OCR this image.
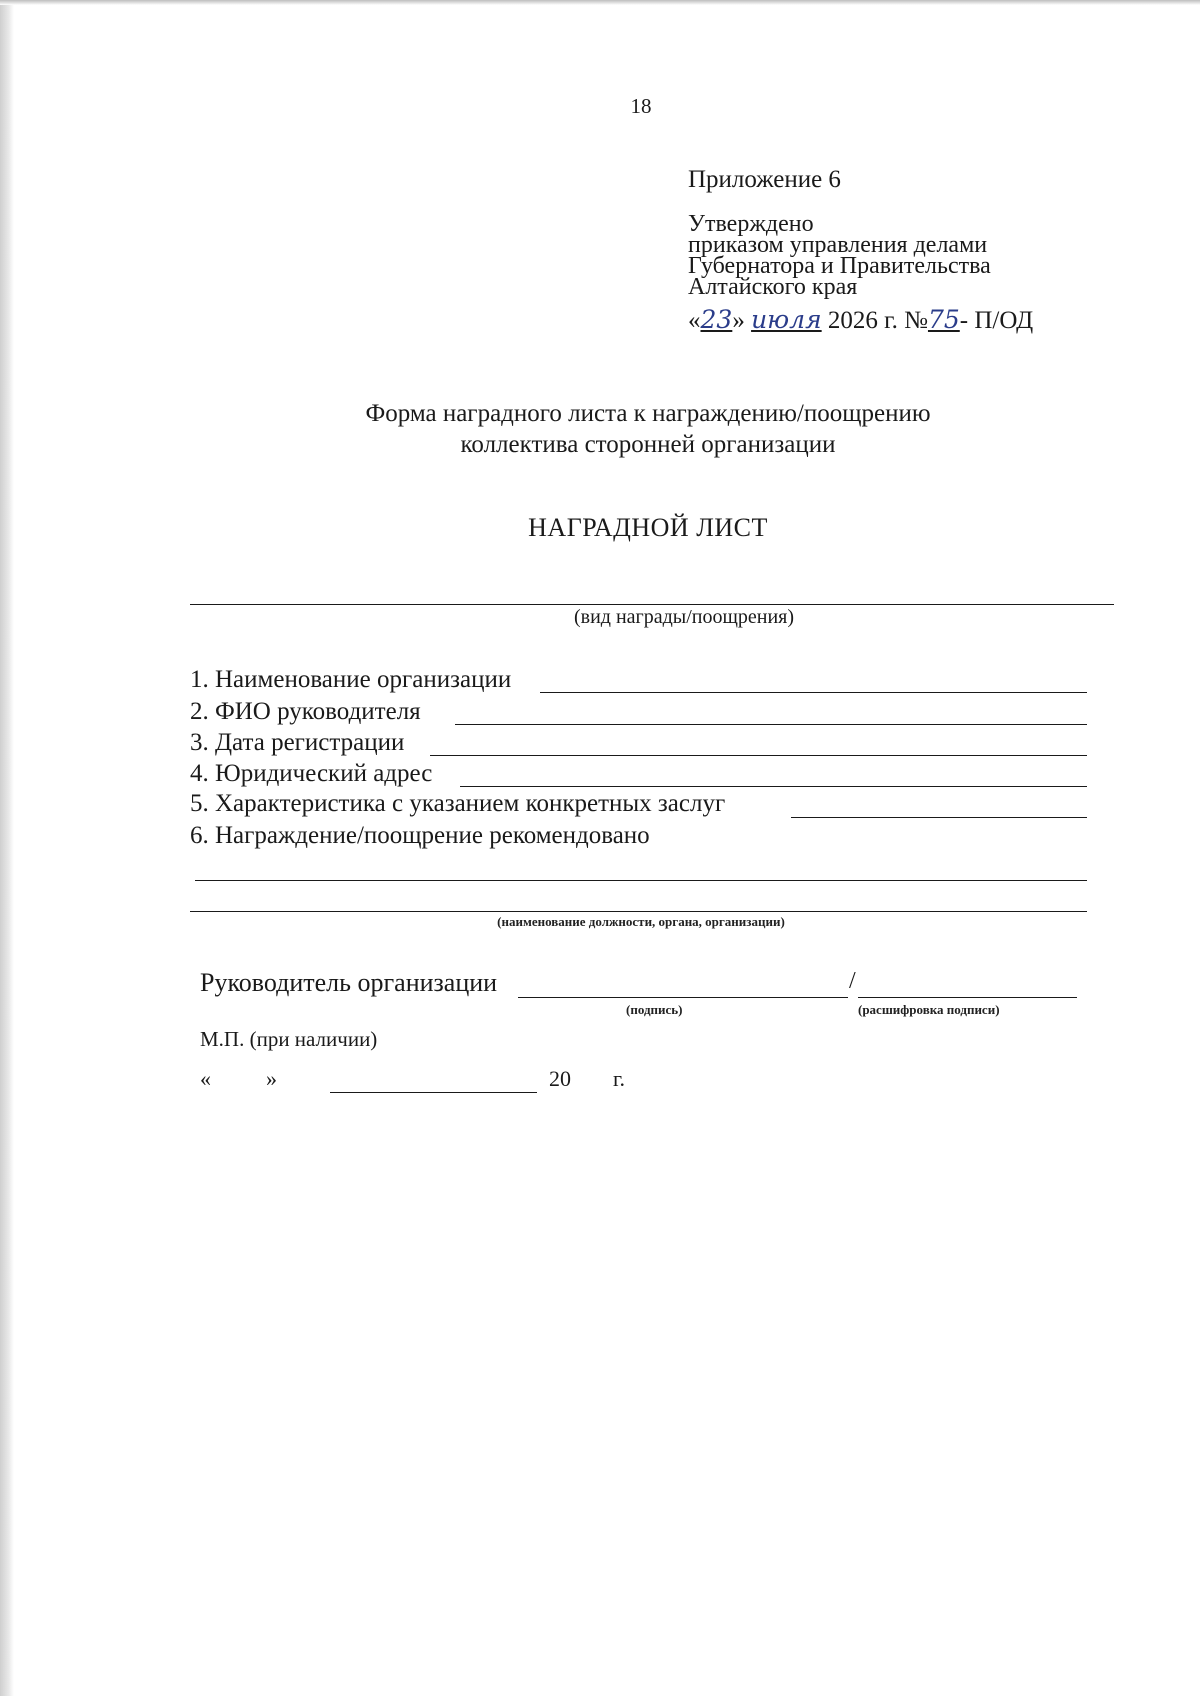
18
Приложение 6
Утверждено
приказом управления делами
Губернатора и Правительства
Алтайского края
«23» июля 2026 г. №75- П/ОД
Форма наградного листа к награждению/поощрению
коллектива сторонней организации
НАГРАДНОЙ ЛИСТ
(вид награды/поощрения)
1. Наименование организации
2. ФИО руководителя
3. Дата регистрации
4. Юридический адрес
5. Характеристика с указанием конкретных заслуг
6. Награждение/поощрение рекомендовано
(наименование должности, органа, организации)
Руководитель организации	/
(подпись)	(расшифровка подписи)
М.П. (при наличии)
«	»	20 г.
